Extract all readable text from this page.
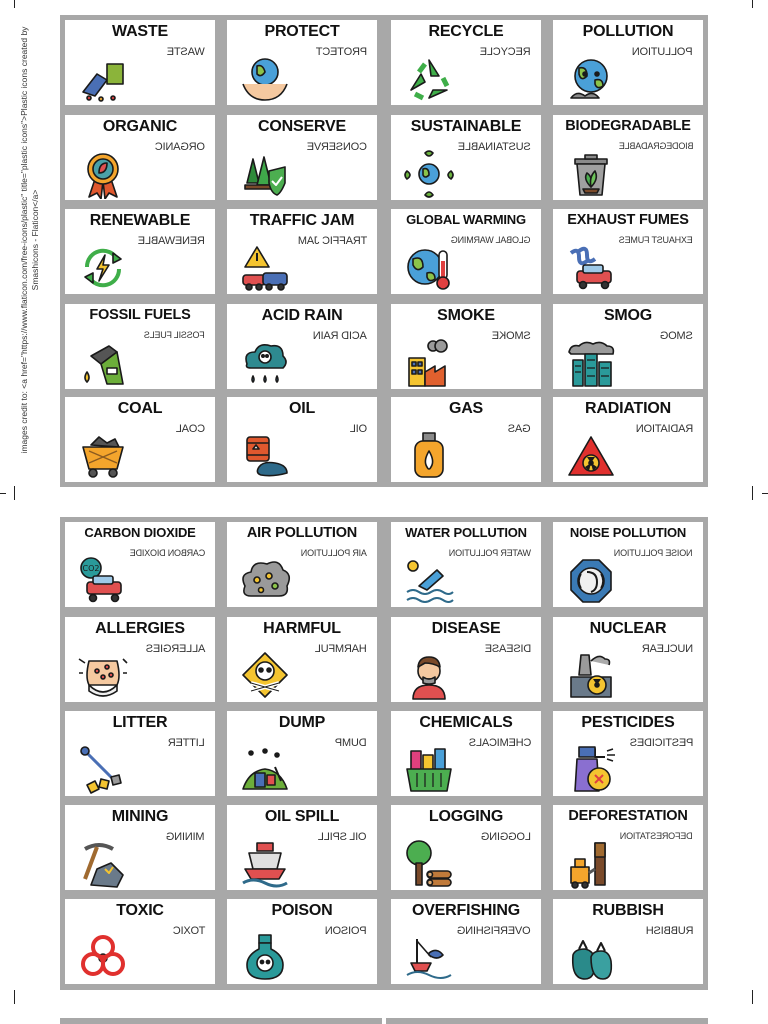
images credit to: <a href="https://www.flaticon.com/free-icons/plastic" title="plastic icons">Plastic icons created by Smashicons - Flaticon</a>
WASTE
WASTE
PROTECT
PROTECT
ORGANIC
ORGANIC
CONSERVE
CONSERVE
RENEWABLE
RENEWABLE
TRAFFIC JAM
TRAFFIC JAM
FOSSIL FUELS
FOSSIL FUELS
ACID RAIN
ACID RAIN
COAL
COAL
OIL
OIL
RECYCLE
RECYCLE
POLLUTION
POLLUTION
SUSTAINABLE
SUSTAINABLE
BIODEGRADABLE
BIODEGRADABLE
GLOBAL WARMING
GLOBAL WARMING
EXHAUST FUMES
EXHAUST FUMES
SMOKE
SMOKE
SMOG
SMOG
GAS
GAS
RADIATION
RADIATION
CARBON DIOXIDE
CARBON DIOXIDE
CO2
AIR POLLUTION
AIR POLLUTION
ALLERGIES
ALLERGIES
HARMFUL
HARMFUL
LITTER
LITTER
DUMP
DUMP
MINING
MINING
OIL SPILL
OIL SPILL
TOXIC
TOXIC
POISON
POISON
WATER POLLUTION
WATER POLLUTION
NOISE POLLUTION
NOISE POLLUTION
DISEASE
DISEASE
NUCLEAR
NUCLEAR
CHEMICALS
CHEMICALS
PESTICIDES
PESTICIDES
LOGGING
LOGGING
DEFORESTATION
DEFORESTATION
OVERFISHING
OVERFISHING
RUBBISH
RUBBISH
